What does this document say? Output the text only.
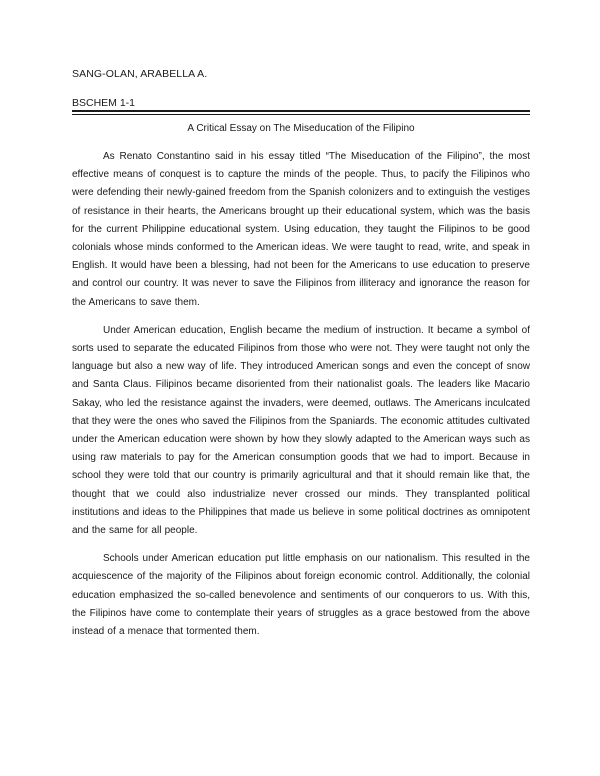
SANG-OLAN, ARABELLA A.
BSCHEM 1-1
A Critical Essay on The Miseducation of the Filipino

As Renato Constantino said in his essay titled “The Miseducation of the Filipino”, the most effective means of conquest is to capture the minds of the people. Thus, to pacify the Filipinos who were defending their newly-gained freedom from the Spanish colonizers and to extinguish the vestiges of resistance in their hearts, the Americans brought up their educational system, which was the basis for the current Philippine educational system. Using education, they taught the Filipinos to be good colonials whose minds conformed to the American ideas. We were taught to read, write, and speak in English. It would have been a blessing, had not been for the Americans to use education to preserve and control our country. It was never to save the Filipinos from illiteracy and ignorance the reason for the Americans to save them.

Under American education, English became the medium of instruction. It became a symbol of sorts used to separate the educated Filipinos from those who were not. They were taught not only the language but also a new way of life. They introduced American songs and even the concept of snow and Santa Claus. Filipinos became disoriented from their nationalist goals. The leaders like Macario Sakay, who led the resistance against the invaders, were deemed, outlaws. The Americans inculcated that they were the ones who saved the Filipinos from the Spaniards. The economic attitudes cultivated under the American education were shown by how they slowly adapted to the American ways such as using raw materials to pay for the American consumption goods that we had to import. Because in school they were told that our country is primarily agricultural and that it should remain like that, the thought that we could also industrialize never crossed our minds. They transplanted political institutions and ideas to the Philippines that made us believe in some political doctrines as omnipotent and the same for all people.

Schools under American education put little emphasis on our nationalism. This resulted in the acquiescence of the majority of the Filipinos about foreign economic control. Additionally, the colonial education emphasized the so-called benevolence and sentiments of our conquerors to us. With this, the Filipinos have come to contemplate their years of struggles as a grace bestowed from the above instead of a menace that tormented them.
